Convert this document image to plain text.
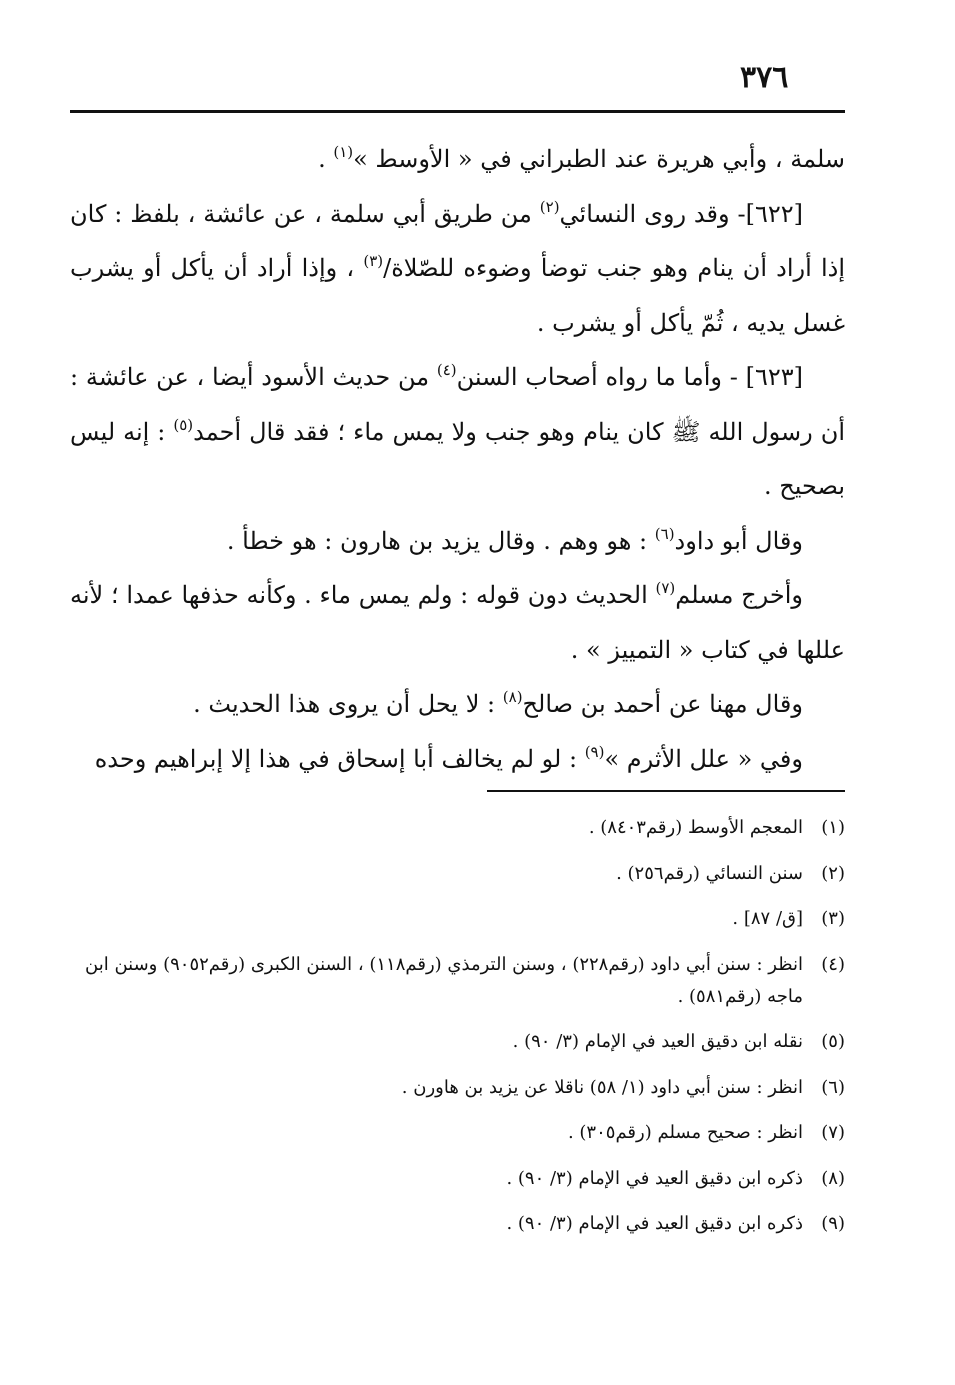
٣٧٦

سلمة ، وأبي هريرة عند الطبراني في « الأوسط »$^{(١)}$ .

[٦٢٢]- وقد روى النسائي$^{(٢)}$ من طريق أبي سلمة ، عن عائشة ، بلفظ : كان إذا أراد أن ينام وهو جنب توضأ وضوءه للصّلاة/$^{(٣)}$ ، وإذا أراد أن يأكل أو يشرب غسل يديه ، ثُمّ يأكل أو يشرب .

[٦٢٣] - وأما ما رواه أصحاب السنن$^{(٤)}$ من حديث الأسود أيضا ، عن عائشة : أن رسول الله ﷺ كان ينام وهو جنب ولا يمس ماء ؛ فقد قال أحمد$^{(٥)}$ : إنه ليس بصحيح .

وقال أبو داود$^{(٦)}$ : هو وهم . وقال يزيد بن هارون : هو خطأ .

وأخرج مسلم$^{(٧)}$ الحديث دون قوله : ولم يمس ماء . وكأنه حذفها عمدا ؛ لأنه عللها في كتاب « التمييز » .

وقال مهنا عن أحمد بن صالح$^{(٨)}$ : لا يحل أن يروى هذا الحديث .

وفي « علل الأثرم »$^{(٩)}$ : لو لم يخالف أبا إسحاق في هذا إلا إبراهيم وحده

(١)
المعجم الأوسط (رقم٨٤٠٣) .
(٢)
سنن النسائي (رقم٢٥٦) .
(٣)
[ق/ ٨٧] .
(٤)
انظر : سنن أبي داود (رقم٢٢٨) ، وسنن الترمذي (رقم١١٨) ، السنن الكبرى (رقم٩٠٥٢) وسنن ابن ماجه (رقم٥٨١) .
(٥)
نقله ابن دقيق العيد في الإمام (٣/ ٩٠) .
(٦)
انظر : سنن أبي داود (١/ ٥٨) ناقلا عن يزيد بن هاورن .
(٧)
انظر : صحيح مسلم (رقم٣٠٥) .
(٨)
ذكره ابن دقيق العيد في الإمام (٣/ ٩٠) .
(٩)
ذكره ابن دقيق العيد في الإمام (٣/ ٩٠) .
